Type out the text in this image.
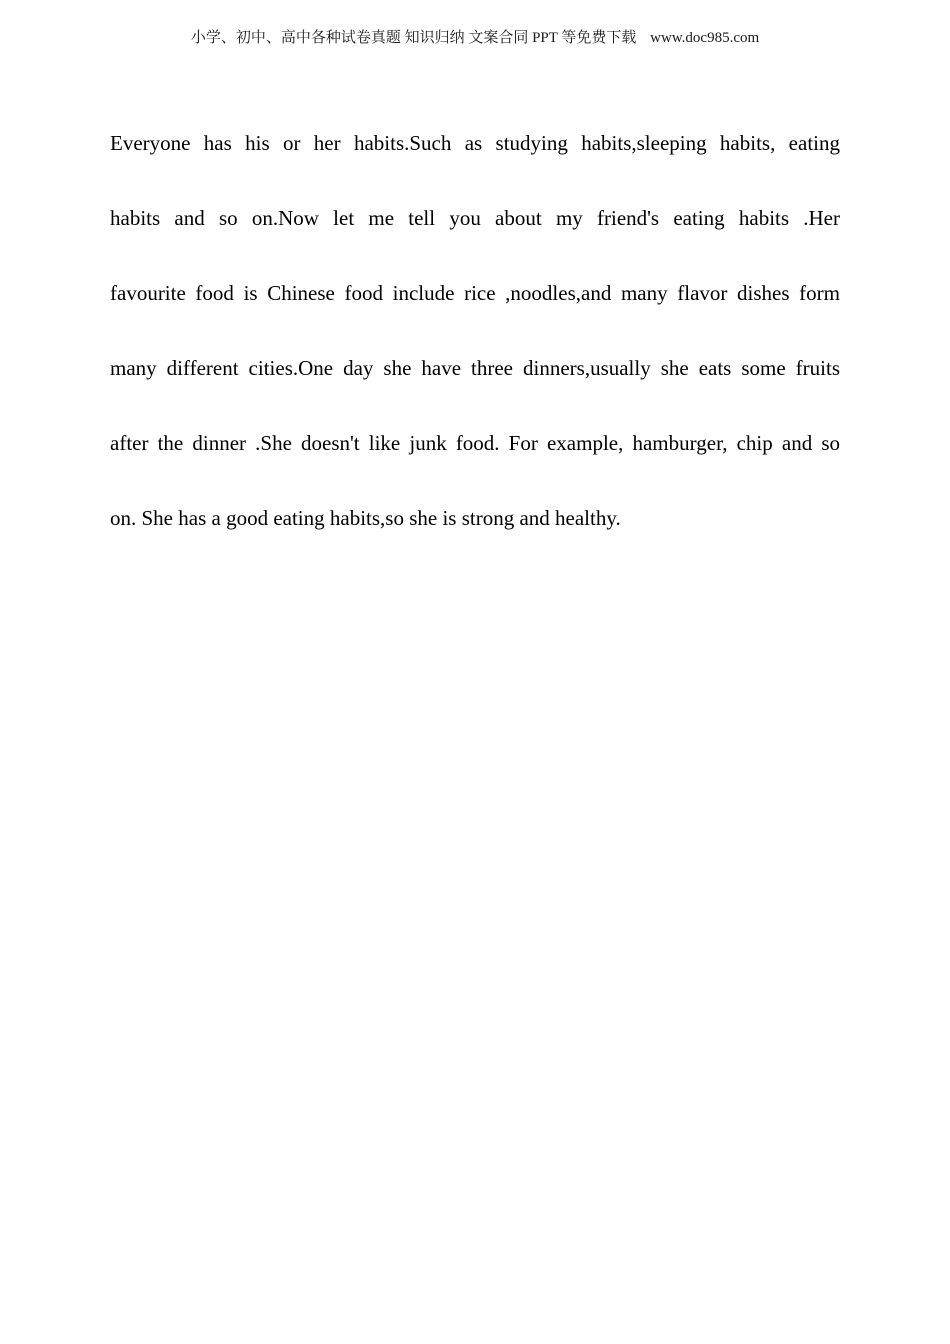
小学、初中、高中各种试卷真题 知识归纳 文案合同 PPT 等免费下载 www.doc985.com
Everyone has his or her habits.Such as studying habits,sleeping habits, eating
habits and so on.Now let me tell you about my friend's eating habits .Her
favourite food is Chinese food include rice ,noodles,and many flavor dishes form
many different cities.One day she have three dinners,usually she eats some fruits
after the dinner .She doesn't like junk food. For example, hamburger, chip and so
on. She has a good eating habits,so she is strong and healthy.
